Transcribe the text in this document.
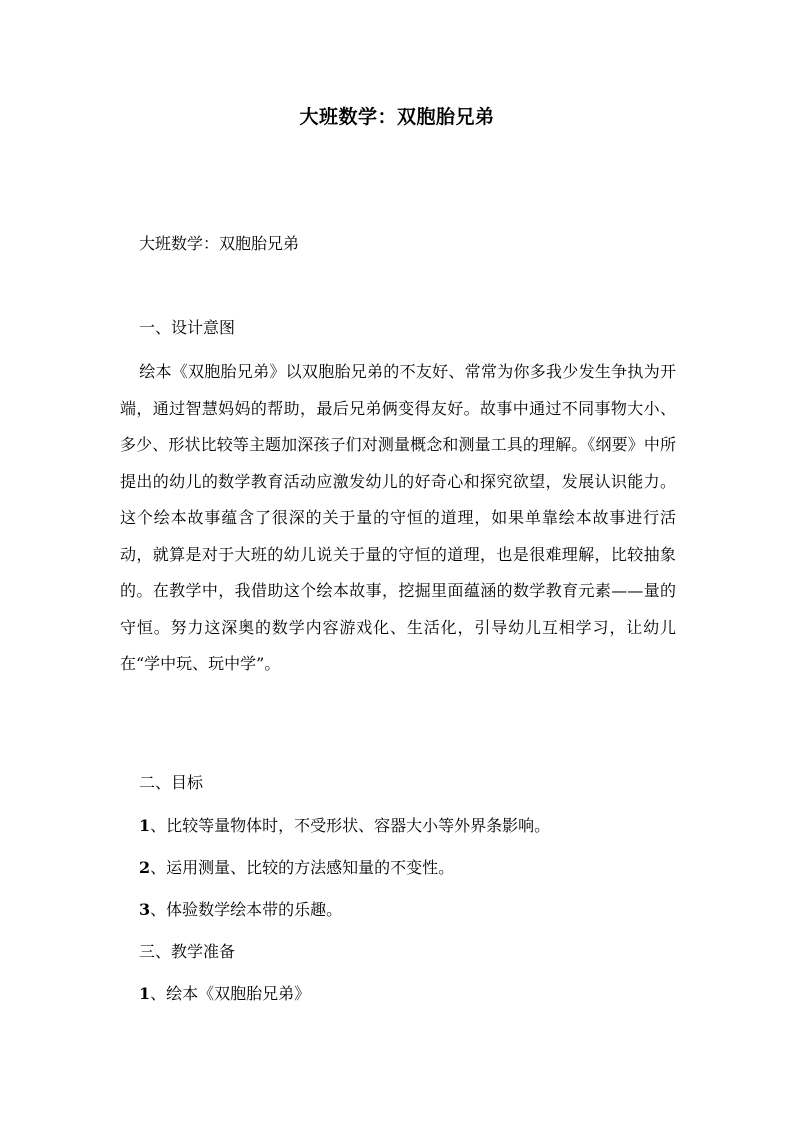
大班数学：双胞胎兄弟
大班数学：双胞胎兄弟
一、设计意图
绘本《双胞胎兄弟》以双胞胎兄弟的不友好、常常为你多我少发生争执为开端，通过智慧妈妈的帮助，最后兄弟俩变得友好。故事中通过不同事物大小、多少、形状比较等主题加深孩子们对测量概念和测量工具的理解。《纲要》中所提出的幼儿的数学教育活动应激发幼儿的好奇心和探究欲望，发展认识能力。这个绘本故事蕴含了很深的关于量的守恒的道理，如果单靠绘本故事进行活动，就算是对于大班的幼儿说关于量的守恒的道理，也是很难理解，比较抽象的。在教学中，我借助这个绘本故事，挖掘里面蕴涵的数学教育元素——量的守恒。努力这深奥的数学内容游戏化、生活化，引导幼儿互相学习，让幼儿在“学中玩、玩中学”。
二、目标
1、比较等量物体时，不受形状、容器大小等外界条影响。
2、运用测量、比较的方法感知量的不变性。
3、体验数学绘本带的乐趣。
三、教学准备
1、绘本《双胞胎兄弟》
